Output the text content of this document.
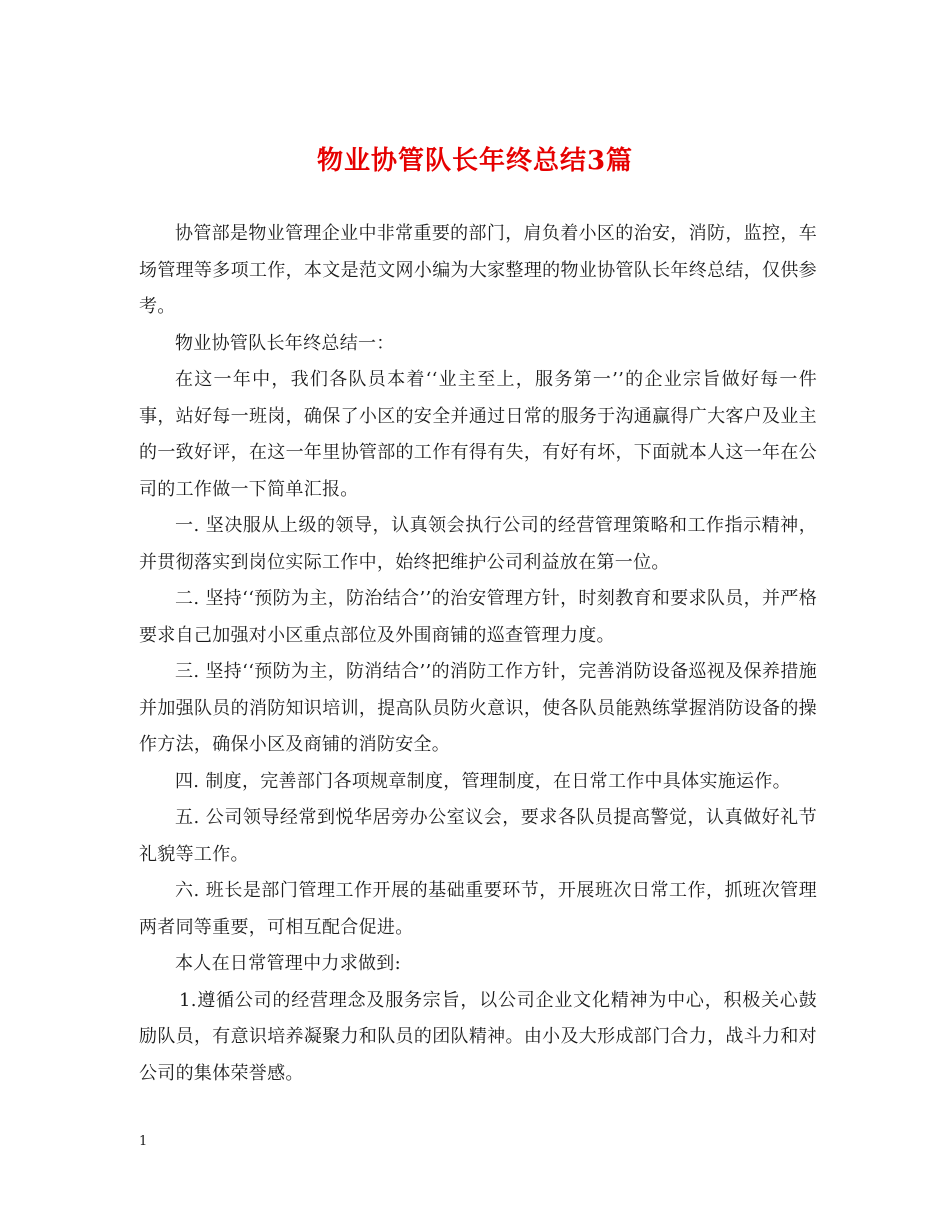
物业协管队长年终总结3篇

协管部是物业管理企业中非常重要的部门，肩负着小区的治安，消防，监控，车场管理等多项工作，本文是范文网小编为大家整理的物业协管队长年终总结，仅供参考。

物业协管队长年终总结一：

在这一年中，我们各队员本着‘‘业主至上，服务第一’’的企业宗旨做好每一件事，站好每一班岗，确保了小区的安全并通过日常的服务于沟通赢得广大客户及业主的一致好评，在这一年里协管部的工作有得有失，有好有坏，下面就本人这一年在公司的工作做一下简单汇报。

一. 坚决服从上级的领导，认真领会执行公司的经营管理策略和工作指示精神，并贯彻落实到岗位实际工作中，始终把维护公司利益放在第一位。

二. 坚持‘‘预防为主，防治结合’’的治安管理方针，时刻教育和要求队员，并严格要求自己加强对小区重点部位及外围商铺的巡查管理力度。

三. 坚持‘‘预防为主，防消结合’’的消防工作方针，完善消防设备巡视及保养措施并加强队员的消防知识培训，提高队员防火意识，使各队员能熟练掌握消防设备的操作方法，确保小区及商铺的消防安全。

四. 制度，完善部门各项规章制度，管理制度，在日常工作中具体实施运作。

五. 公司领导经常到悦华居旁办公室议会，要求各队员提高警觉，认真做好礼节礼貌等工作。

六. 班长是部门管理工作开展的基础重要环节，开展班次日常工作，抓班次管理两者同等重要，可相互配合促进。

本人在日常管理中力求做到:

1.遵循公司的经营理念及服务宗旨，以公司企业文化精神为中心，积极关心鼓励队员，有意识培养凝聚力和队员的团队精神。由小及大形成部门合力，战斗力和对公司的集体荣誉感。

1
